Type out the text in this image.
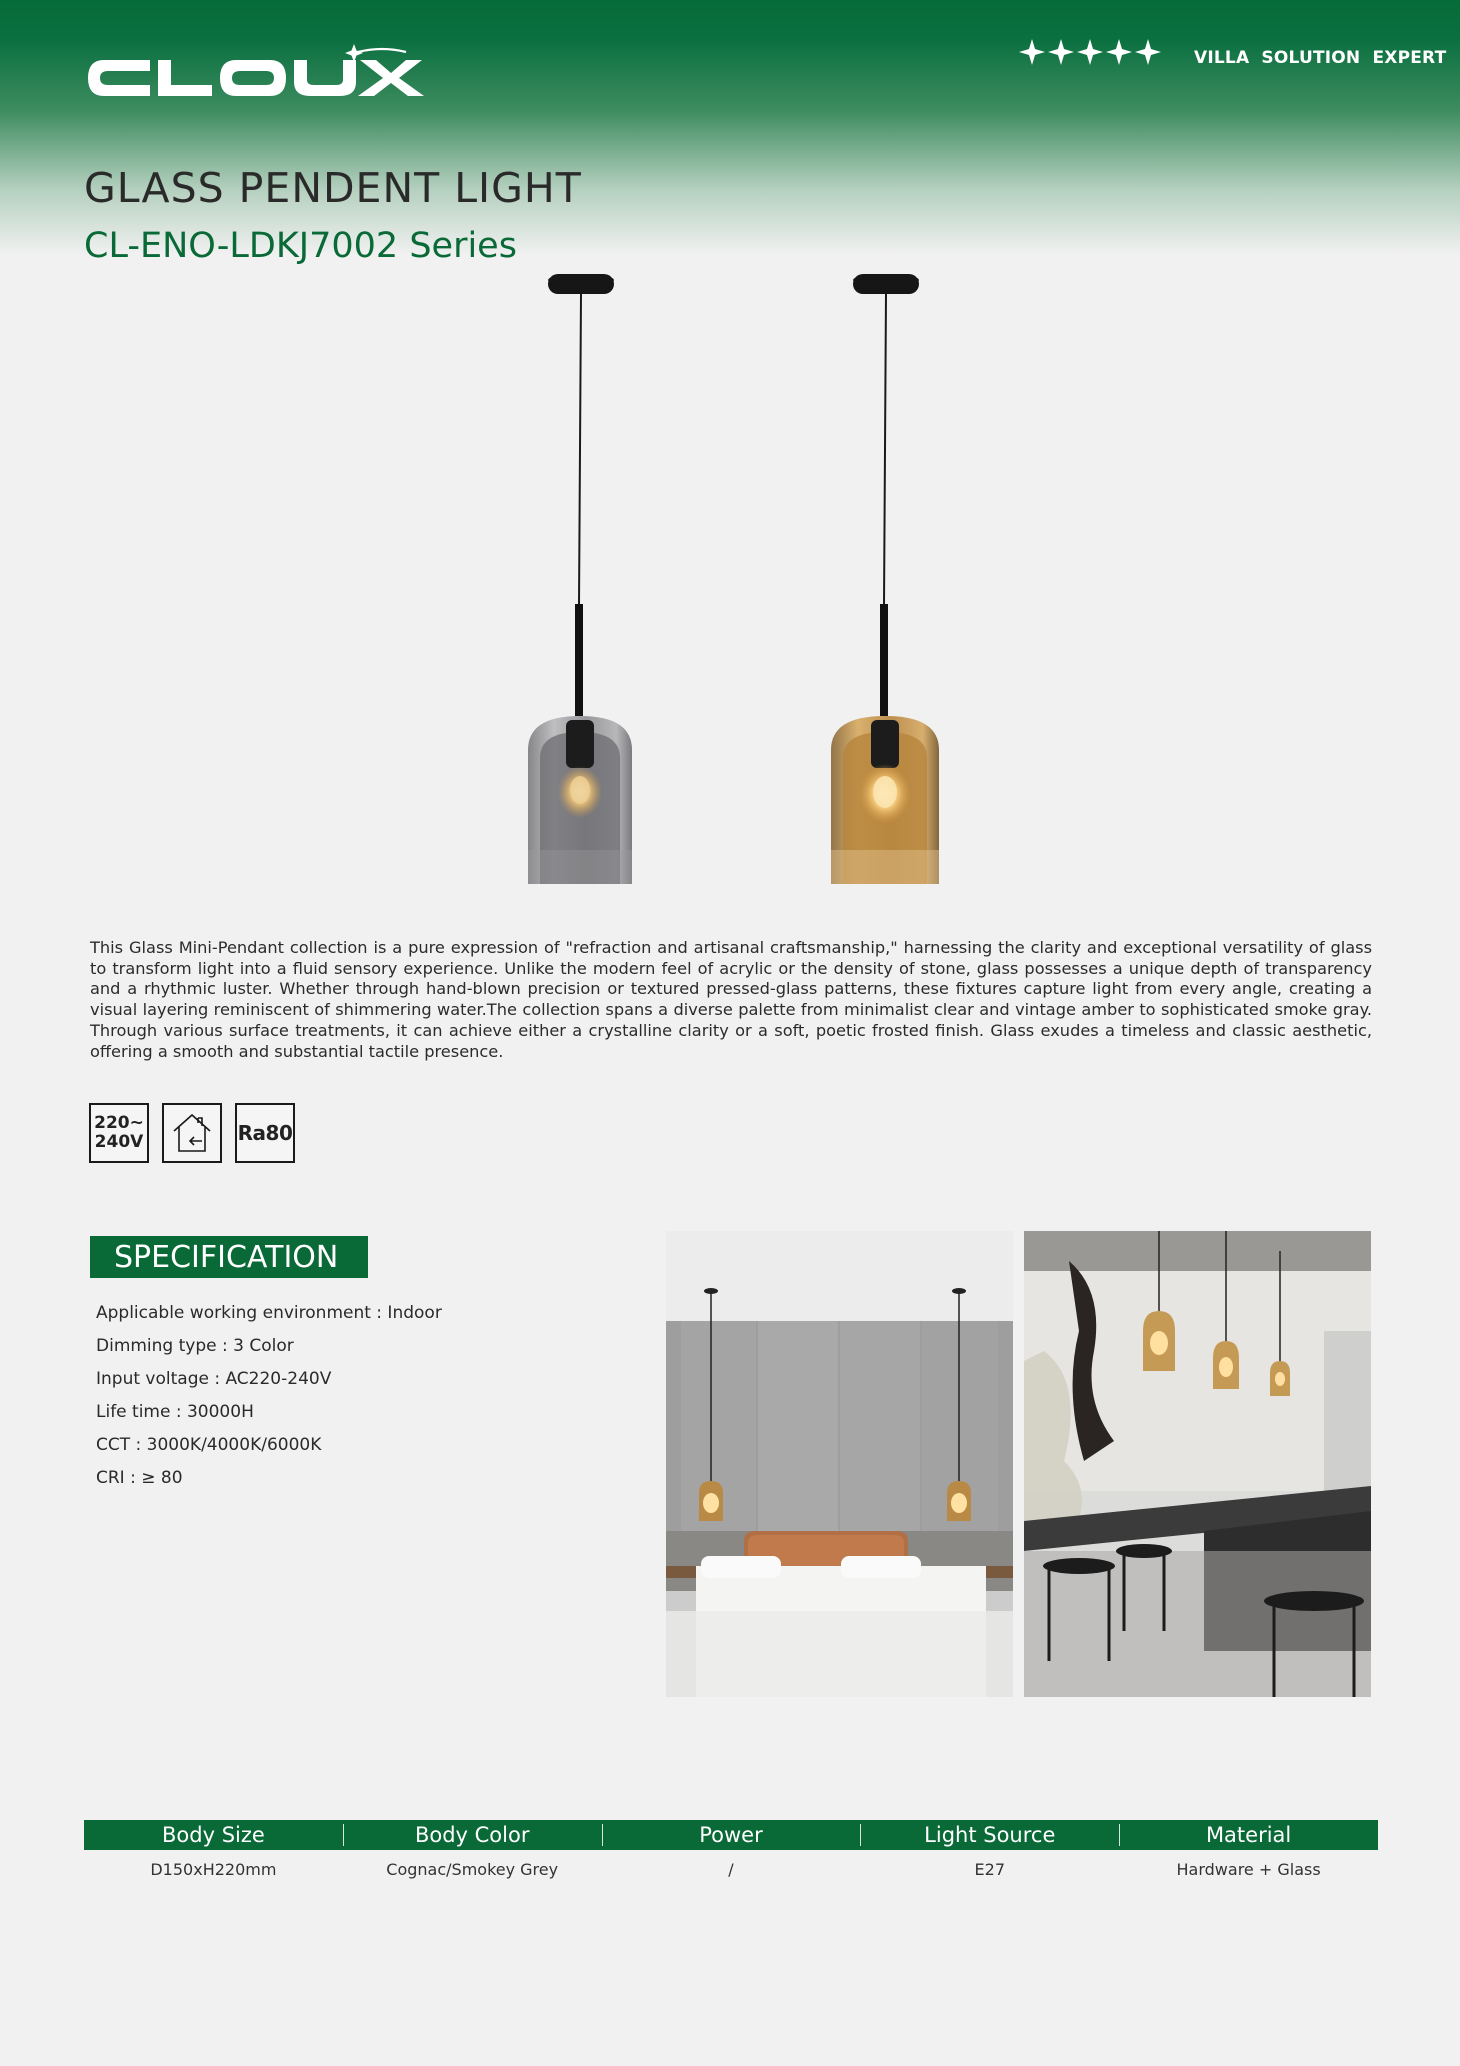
VILLA SOLUTION EXPERT
GLASS PENDENT LIGHT
CL-ENO-LDKJ7002 Series

This Glass Mini-Pendant collection is a pure expression of "refraction and artisanal craftsmanship," harnessing the clarity and exceptional versatility of glass to transform light into a fluid sensory experience. Unlike the modern feel of acrylic or the density of stone, glass possesses a unique depth of transparency and a rhythmic luster. Whether through hand-blown precision or textured pressed-glass patterns, these fixtures capture light from every angle, creating a visual layering reminiscent of shimmering water.The collection spans a diverse palette from minimalist clear and vintage amber to sophisticated smoke gray. Through various surface treatments, it can achieve either a crystalline clarity or a soft, poetic frosted finish. Glass exudes a timeless and classic aesthetic, offering a smooth and substantial tactile presence.

220~
240V	Ra80
SPECIFICATION
Applicable working environment : Indoor
Dimming type : 3 Color
Input voltage : AC220-240V
Life time : 30000H
CCT : 3000K/4000K/6000K
CRI : ≥ 80
Body Size	Body Color	Power	Light Source	Material
D150xH220mm	Cognac/Smokey Grey	/	E27	Hardware + Glass
